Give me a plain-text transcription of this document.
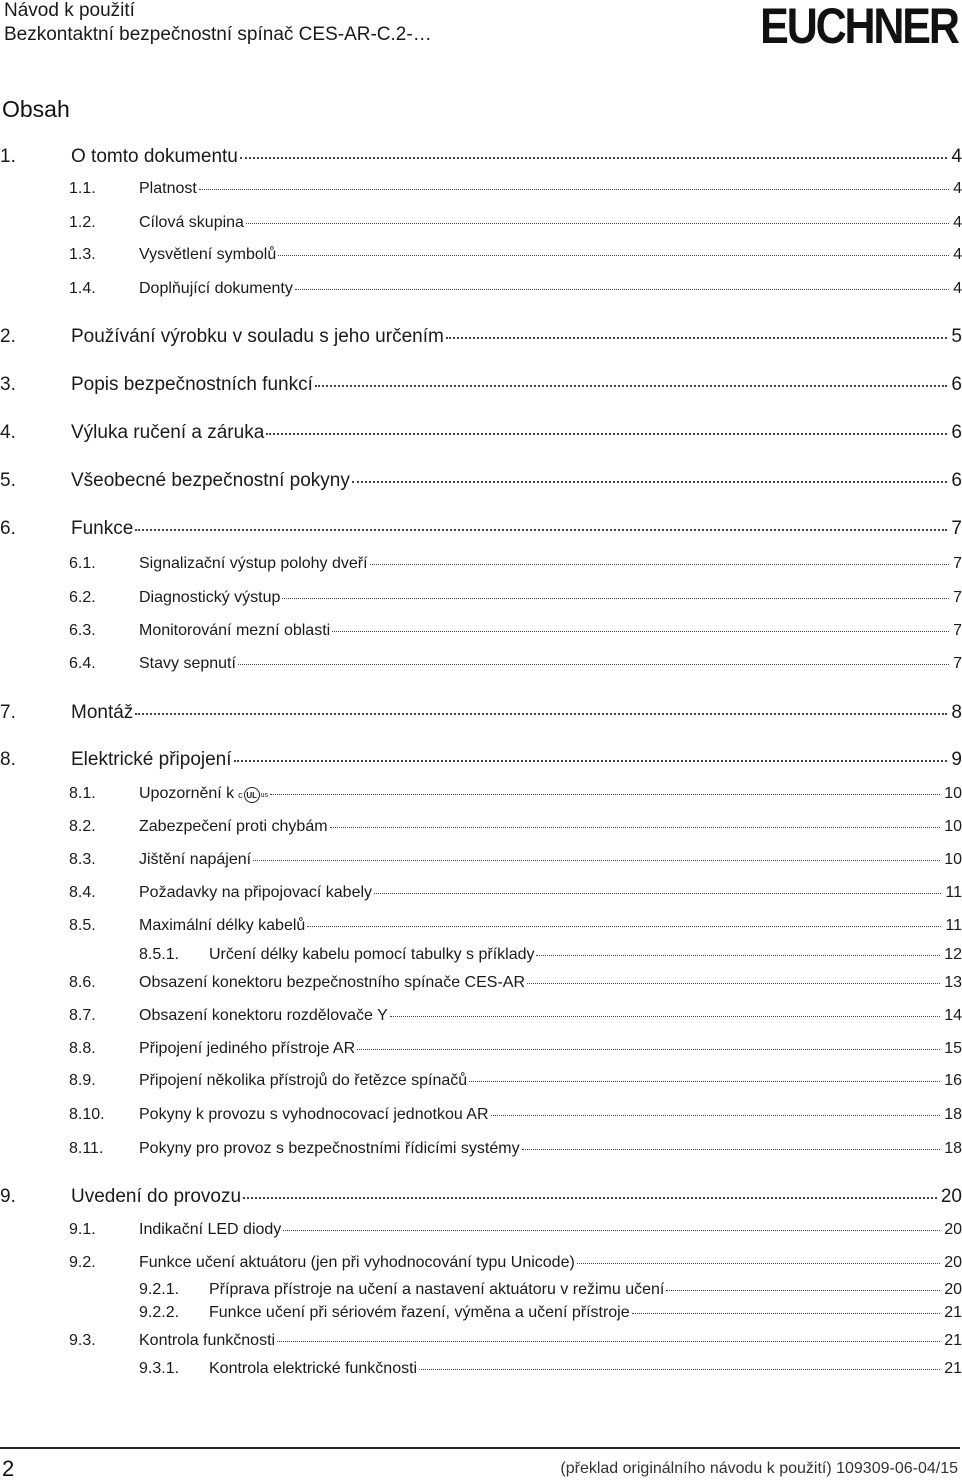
Návod k použití
Bezkontaktní bezpečnostní spínač CES-AR-C.2-…	EUCHNER
Obsah
1.	O tomto dokumentu	4
1.1.	Platnost	4
1.2.	Cílová skupina	4
1.3.	Vysvětlení symbolů	4
1.4.	Doplňující dokumenty	4
2.	Používání výrobku v souladu s jeho určením	5
3.	Popis bezpečnostních funkcí	6
4.	Výluka ručení a záruka	6
5.	Všeobecné bezpečnostní pokyny	6
6.	Funkce	7
6.1.	Signalizační výstup polohy dveří	7
6.2.	Diagnostický výstup	7
6.3.	Monitorování mezní oblasti	7
6.4.	Stavy sepnutí	7
7.	Montáž	8
8.	Elektrické připojení	9
8.1.	Upozornění k c UL us	10
8.2.	Zabezpečení proti chybám	10
8.3.	Jištění napájení	10
8.4.	Požadavky na připojovací kabely	11
8.5.	Maximální délky kabelů	11
8.5.1.	Určení délky kabelu pomocí tabulky s příklady	12
8.6.	Obsazení konektoru bezpečnostního spínače CES-AR	13
8.7.	Obsazení konektoru rozdělovače Y	14
8.8.	Připojení jediného přístroje AR	15
8.9.	Připojení několika přístrojů do řetězce spínačů	16
8.10.	Pokyny k provozu s vyhodnocovací jednotkou AR	18
8.11.	Pokyny pro provoz s bezpečnostními řídicími systémy	18
9.	Uvedení do provozu	20
9.1.	Indikační LED diody	20
9.2.	Funkce učení aktuátoru (jen při vyhodnocování typu Unicode)	20
9.2.1.	Příprava přístroje na učení a nastavení aktuátoru v režimu učení	20
9.2.2.	Funkce učení při sériovém řazení, výměna a učení přístroje	21
9.3.	Kontrola funkčnosti	21
9.3.1.	Kontrola elektrické funkčnosti	21
2	(překlad originálního návodu k použití) 109309-06-04/15
